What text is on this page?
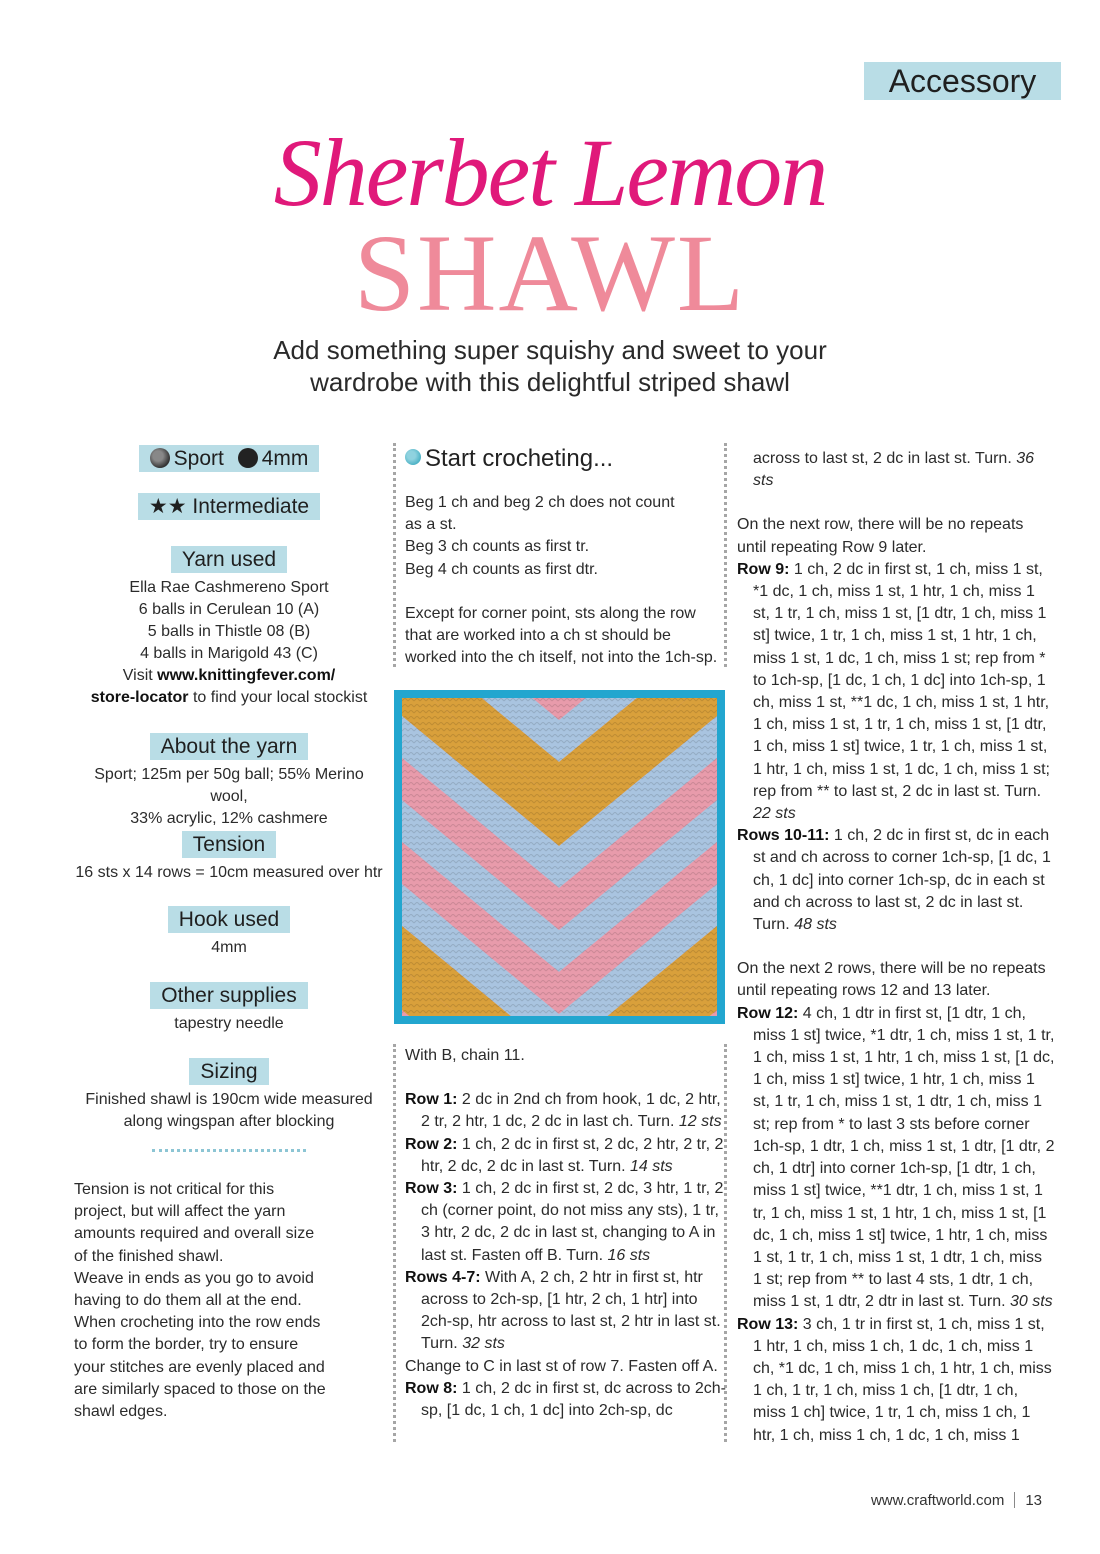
Accessory
Sherbet Lemon
SHAWL
Add something super squishy and sweet to your
wardrobe with this delightful striped shawl
Sport 4mm
★★ Intermediate
Yarn used
Ella Rae Cashmereno Sport
6 balls in Cerulean 10 (A)
5 balls in Thistle 08 (B)
4 balls in Marigold 43 (C)
Visit www.knittingfever.com/
store-locator to find your local stockist
About the yarn
Sport; 125m per 50g ball; 55% Merino wool,
33% acrylic, 12% cashmere
Tension
16 sts x 14 rows = 10cm measured over htr
Hook used
4mm
Other supplies
tapestry needle
Sizing
Finished shawl is 190cm wide measured
along wingspan after blocking
Tension is not critical for this
project, but will affect the yarn
amounts required and overall size
of the finished shawl.
Weave in ends as you go to avoid
having to do them all at the end.
When crocheting into the row ends
to form the border, try to ensure
your stitches are evenly placed and
are similarly spaced to those on the
shawl edges.
Start crocheting...
Beg 1 ch and beg 2 ch does not count
as a st.
Beg 3 ch counts as first tr.
Beg 4 ch counts as first dtr.
Except for corner point, sts along the row
that are worked into a ch st should be
worked into the ch itself, not into the 1ch-sp.
With B, chain 11.
Row 1: 2 dc in 2nd ch from hook, 1 dc, 2 htr, 2 tr, 2 htr, 1 dc, 2 dc in last ch. Turn. 12 sts
Row 2: 1 ch, 2 dc in first st, 2 dc, 2 htr, 2 tr, 2 htr, 2 dc, 2 dc in last st. Turn. 14 sts
Row 3: 1 ch, 2 dc in first st, 2 dc, 3 htr, 1 tr, 2 ch (corner point, do not miss any sts), 1 tr, 3 htr, 2 dc, 2 dc in last st, changing to A in last st. Fasten off B. Turn. 16 sts
Rows 4-7: With A, 2 ch, 2 htr in first st, htr across to 2ch-sp, [1 htr, 2 ch, 1 htr] into 2ch-sp, htr across to last st, 2 htr in last st. Turn. 32 sts
Change to C in last st of row 7. Fasten off A.
Row 8: 1 ch, 2 dc in first st, dc across to 2ch-sp, [1 dc, 1 ch, 1 dc] into 2ch-sp, dc
across to last st, 2 dc in last st. Turn. 36 sts
On the next row, there will be no repeats
until repeating Row 9 later.
Row 9: 1 ch, 2 dc in first st, 1 ch, miss 1 st, *1 dc, 1 ch, miss 1 st, 1 htr, 1 ch, miss 1 st, 1 tr, 1 ch, miss 1 st, [1 dtr, 1 ch, miss 1 st] twice, 1 tr, 1 ch, miss 1 st, 1 htr, 1 ch, miss 1 st, 1 dc, 1 ch, miss 1 st; rep from * to 1ch-sp, [1 dc, 1 ch, 1 dc] into 1ch-sp, 1 ch, miss 1 st, **1 dc, 1 ch, miss 1 st, 1 htr, 1 ch, miss 1 st, 1 tr, 1 ch, miss 1 st, [1 dtr, 1 ch, miss 1 st] twice, 1 tr, 1 ch, miss 1 st, 1 htr, 1 ch, miss 1 st, 1 dc, 1 ch, miss 1 st; rep from ** to last st, 2 dc in last st. Turn. 22 sts
Rows 10-11: 1 ch, 2 dc in first st, dc in each st and ch across to corner 1ch-sp, [1 dc, 1 ch, 1 dc] into corner 1ch-sp, dc in each st and ch across to last st, 2 dc in last st. Turn. 48 sts
On the next 2 rows, there will be no repeats
until repeating rows 12 and 13 later.
Row 12: 4 ch, 1 dtr in first st, [1 dtr, 1 ch, miss 1 st] twice, *1 dtr, 1 ch, miss 1 st, 1 tr, 1 ch, miss 1 st, 1 htr, 1 ch, miss 1 st, [1 dc, 1 ch, miss 1 st] twice, 1 htr, 1 ch, miss 1 st, 1 tr, 1 ch, miss 1 st, 1 dtr, 1 ch, miss 1 st; rep from * to last 3 sts before corner 1ch-sp, 1 dtr, 1 ch, miss 1 st, 1 dtr, [1 dtr, 2 ch, 1 dtr] into corner 1ch-sp, [1 dtr, 1 ch, miss 1 st] twice, **1 dtr, 1 ch, miss 1 st, 1 tr, 1 ch, miss 1 st, 1 htr, 1 ch, miss 1 st, [1 dc, 1 ch, miss 1 st] twice, 1 htr, 1 ch, miss 1 st, 1 tr, 1 ch, miss 1 st, 1 dtr, 1 ch, miss 1 st; rep from ** to last 4 sts, 1 dtr, 1 ch, miss 1 st, 1 dtr, 2 dtr in last st. Turn. 30 sts
Row 13: 3 ch, 1 tr in first st, 1 ch, miss 1 st, 1 htr, 1 ch, miss 1 ch, 1 dc, 1 ch, miss 1 ch, *1 dc, 1 ch, miss 1 ch, 1 htr, 1 ch, miss 1 ch, 1 tr, 1 ch, miss 1 ch, [1 dtr, 1 ch, miss 1 ch] twice, 1 tr, 1 ch, miss 1 ch, 1 htr, 1 ch, miss 1 ch, 1 dc, 1 ch, miss 1
www.craftworld.com 13
